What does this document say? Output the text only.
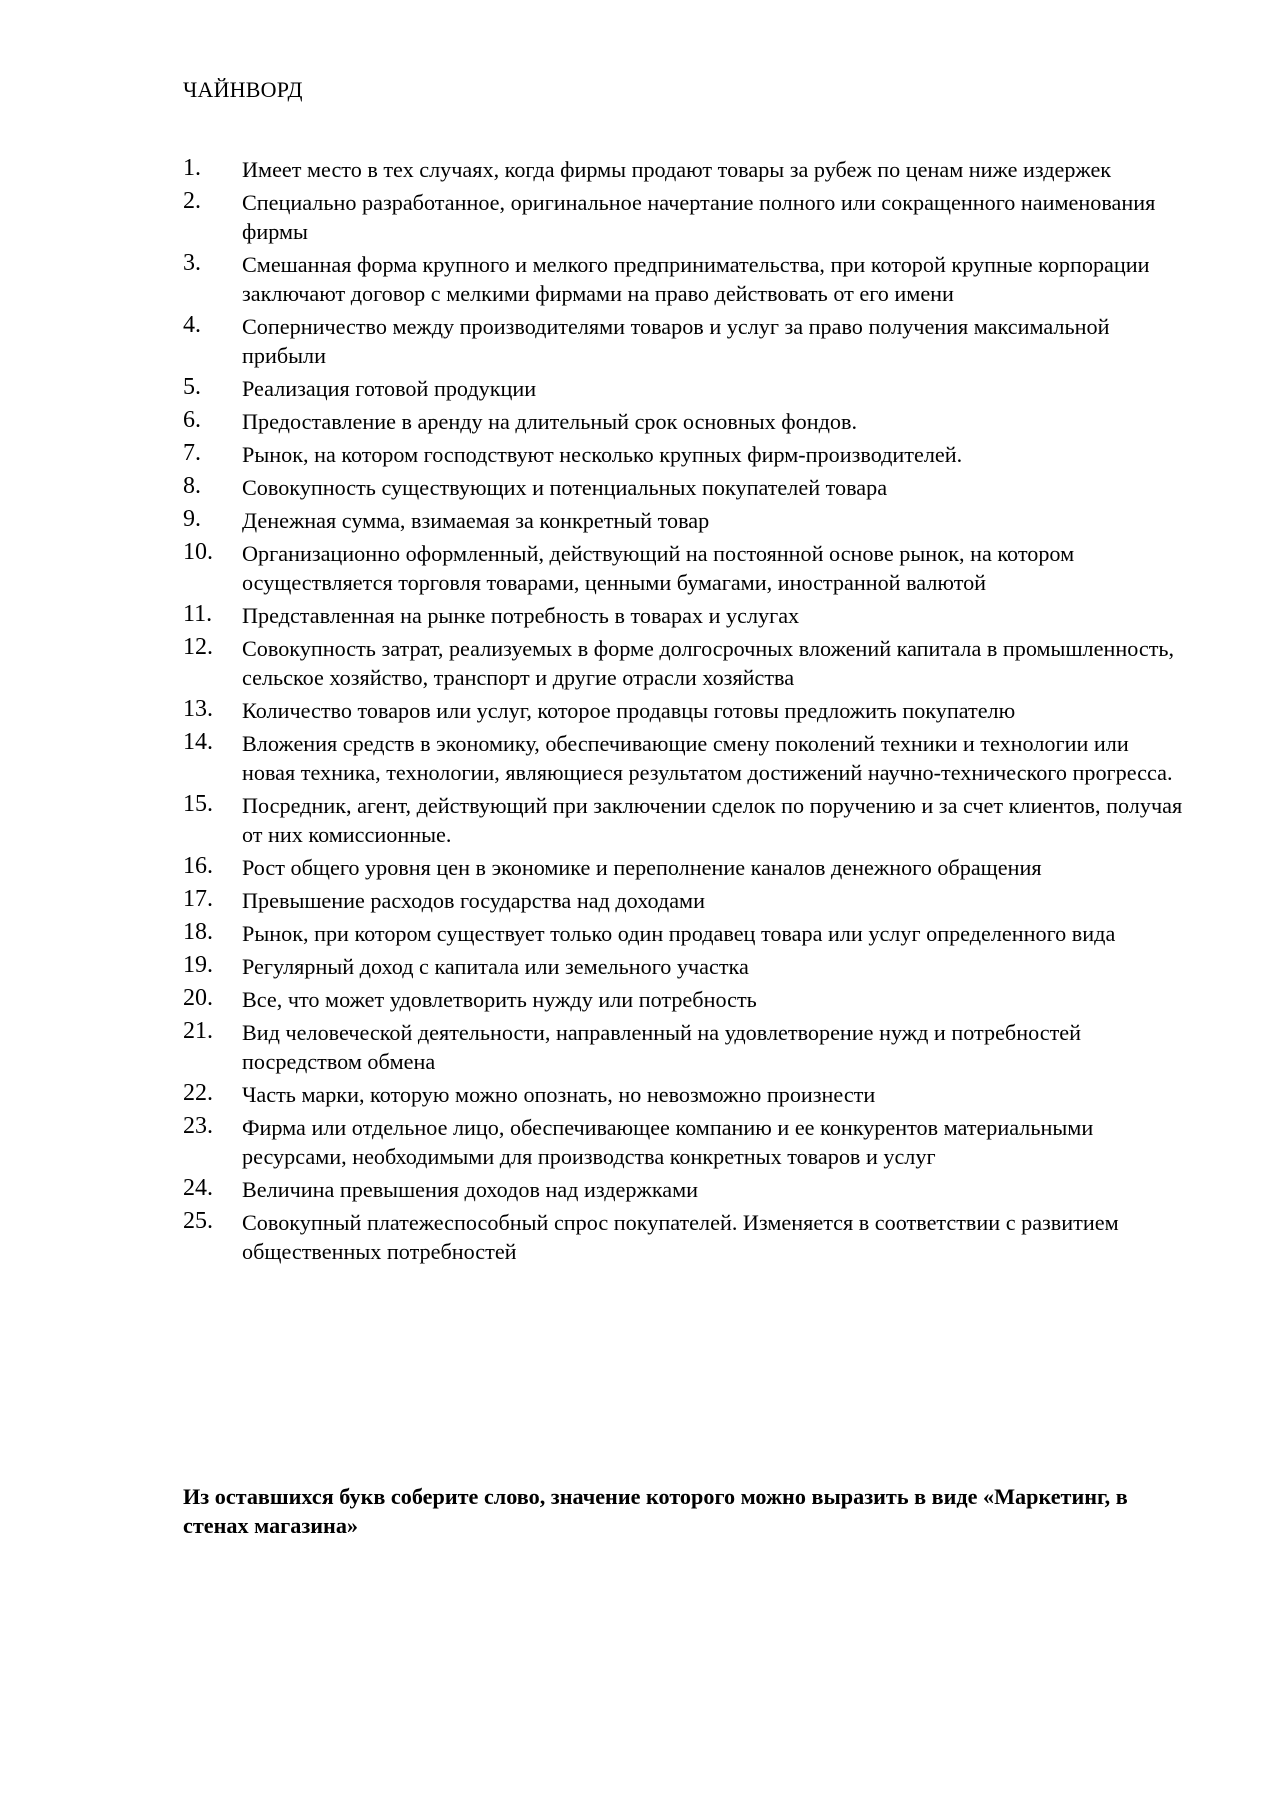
ЧАЙНВОРД
1.	Имеет место в тех случаях, когда фирмы продают товары за рубеж по ценам ниже издержек
2.	Специально разработанное, оригинальное начертание полного или сокращенного наименования фирмы
3.	Смешанная форма крупного и мелкого предпринимательства, при которой крупные корпорации заключают договор с мелкими фирмами на право действовать от его имени
4.	Соперничество между производителями товаров и услуг за право получения максимальной прибыли
5.	Реализация готовой продукции
6.	Предоставление в аренду на длительный срок основных фондов.
7.	Рынок, на котором господствуют несколько крупных фирм-производителей.
8.	Совокупность существующих и потенциальных покупателей товара
9.	Денежная сумма, взимаемая за конкретный товар
10.	Организационно оформленный, действующий на постоянной основе рынок, на котором осуществляется торговля товарами, ценными бумагами, иностранной валютой
11.	Представленная на рынке потребность в товарах и услугах
12.	Совокупность затрат, реализуемых в форме долгосрочных вложений капитала в промышленность, сельское хозяйство, транспорт и другие отрасли хозяйства
13.	Количество товаров или услуг, которое продавцы готовы предложить покупателю
14.	Вложения средств в экономику, обеспечивающие смену поколений техники и технологии или новая техника, технологии, являющиеся результатом достижений научно-технического прогресса.
15.	Посредник, агент, действующий при заключении сделок по поручению и за счет клиентов, получая от них комиссионные.
16.	Рост общего уровня цен в экономике и переполнение каналов денежного обращения
17.	Превышение расходов государства над доходами
18.	Рынок, при котором существует только один продавец товара или услуг определенного вида
19.	Регулярный доход с капитала или земельного участка
20.	Все, что может удовлетворить нужду или потребность
21.	Вид человеческой деятельности, направленный на удовлетворение нужд и потребностей посредством обмена
22.	Часть марки, которую можно опознать, но невозможно произнести
23.	Фирма или отдельное лицо, обеспечивающее компанию и ее конкурентов материальными ресурсами, необходимыми для производства конкретных товаров и услуг
24.	Величина превышения доходов над издержками
25.	Совокупный платежеспособный спрос покупателей. Изменяется в соответствии с развитием общественных потребностей
Из оставшихся букв соберите слово, значение которого можно выразить в виде «Маркетинг, в стенах магазина»
